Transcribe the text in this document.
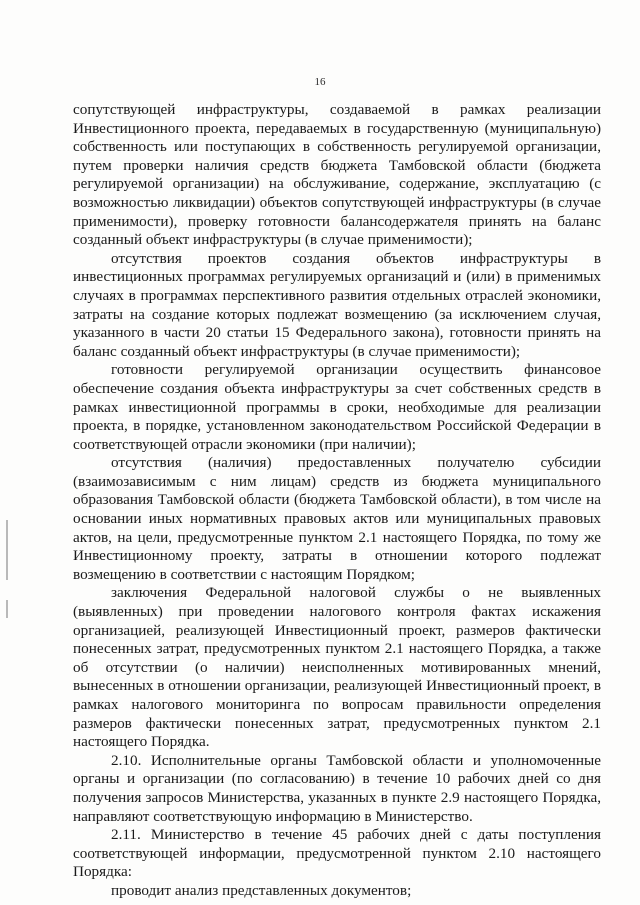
16

сопутствующей инфраструктуры, создаваемой в рамках реализации Инвестиционного проекта, передаваемых в государственную (муниципальную) собственность или поступающих в собственность регулируемой организации, путем проверки наличия средств бюджета Тамбовской области (бюджета регулируемой организации) на обслуживание, содержание, эксплуатацию (с возможностью ликвидации) объектов сопутствующей инфраструктуры (в случае применимости), проверку готовности балансодержателя принять на баланс созданный объект инфраструктуры (в случае применимости);

отсутствия проектов создания объектов инфраструктуры в инвестиционных программах регулируемых организаций и (или) в применимых случаях в программах перспективного развития отдельных отраслей экономики, затраты на создание которых подлежат возмещению (за исключением случая, указанного в части 20 статьи 15 Федерального закона), готовности принять на баланс созданный объект инфраструктуры (в случае применимости);

готовности регулируемой организации осуществить финансовое обеспечение создания объекта инфраструктуры за счет собственных средств в рамках инвестиционной программы в сроки, необходимые для реализации проекта, в порядке, установленном законодательством Российской Федерации в соответствующей отрасли экономики (при наличии);

отсутствия (наличия) предоставленных получателю субсидии (взаимозависимым с ним лицам) средств из бюджета муниципального образования Тамбовской области (бюджета Тамбовской области), в том числе на основании иных нормативных правовых актов или муниципальных правовых актов, на цели, предусмотренные пунктом 2.1 настоящего Порядка, по тому же Инвестиционному проекту, затраты в отношении которого подлежат возмещению в соответствии с настоящим Порядком;

заключения Федеральной налоговой службы о не выявленных (выявленных) при проведении налогового контроля фактах искажения организацией, реализующей Инвестиционный проект, размеров фактически понесенных затрат, предусмотренных пунктом 2.1 настоящего Порядка, а также об отсутствии (о наличии) неисполненных мотивированных мнений, вынесенных в отношении организации, реализующей Инвестиционный проект, в рамках налогового мониторинга по вопросам правильности определения размеров фактически понесенных затрат, предусмотренных пунктом 2.1 настоящего Порядка.

2.10. Исполнительные органы Тамбовской области и уполномоченные органы и организации (по согласованию) в течение 10 рабочих дней со дня получения запросов Министерства, указанных в пункте 2.9 настоящего Порядка, направляют соответствующую информацию в Министерство.

2.11. Министерство в течение 45 рабочих дней с даты поступления соответствующей информации, предусмотренной пунктом 2.10 настоящего Порядка:

проводит анализ представленных документов;
